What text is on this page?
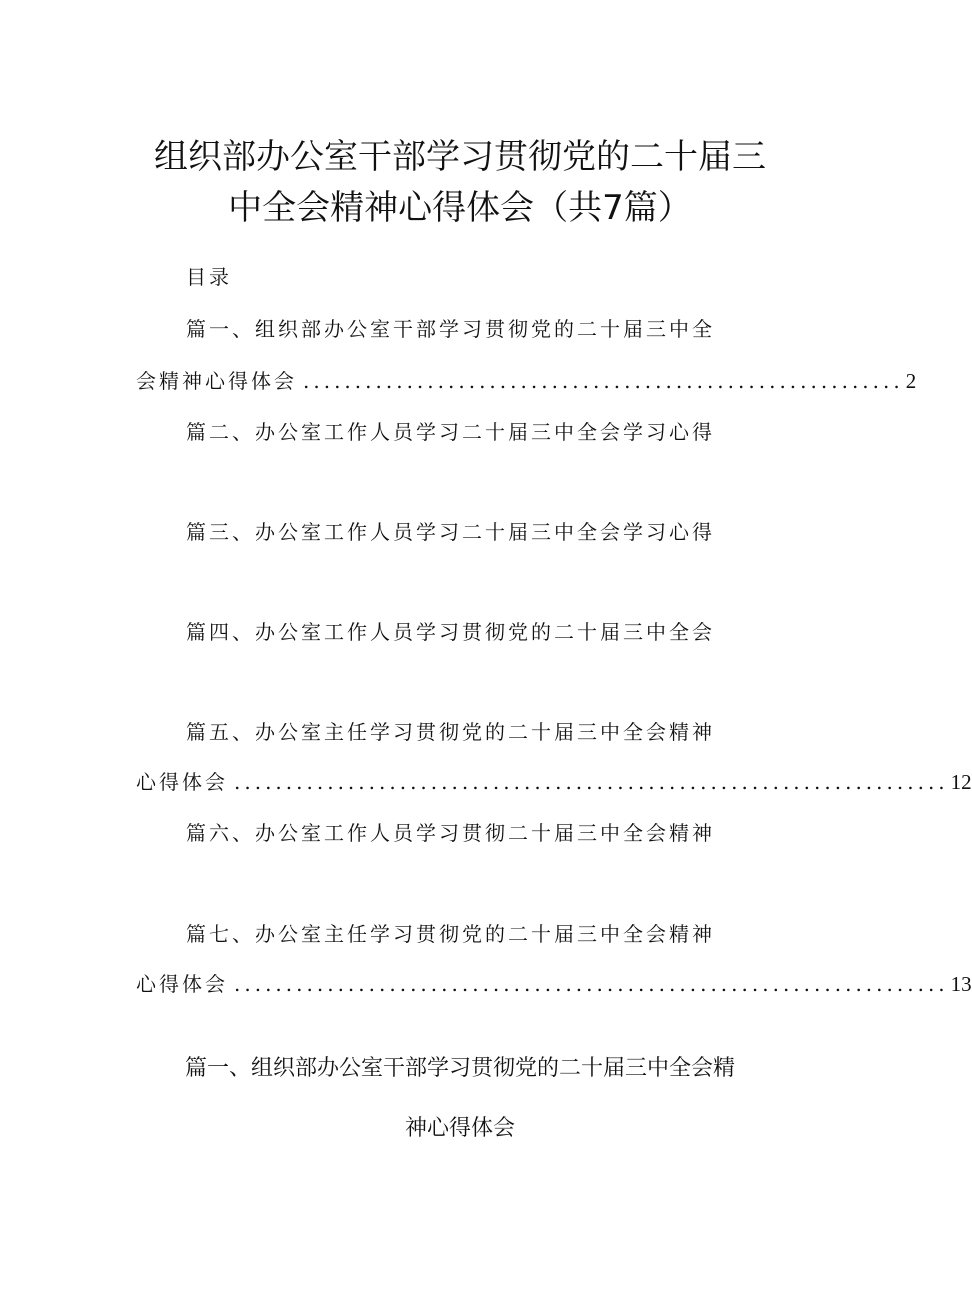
组织部办公室干部学习贯彻党的二十届三
中全会精神心得体会（共7篇）
目录
篇一、组织部办公室干部学习贯彻党的二十届三中全
会精神心得体会 .......................................................... 2
篇二、办公室工作人员学习二十届三中全会学习心得
篇三、办公室工作人员学习二十届三中全会学习心得
篇四、办公室工作人员学习贯彻党的二十届三中全会
篇五、办公室主任学习贯彻党的二十届三中全会精神
心得体会 ..................................................................... 12
篇六、办公室工作人员学习贯彻二十届三中全会精神
篇七、办公室主任学习贯彻党的二十届三中全会精神
心得体会 ..................................................................... 13
篇一、组织部办公室干部学习贯彻党的二十届三中全会精
神心得体会
